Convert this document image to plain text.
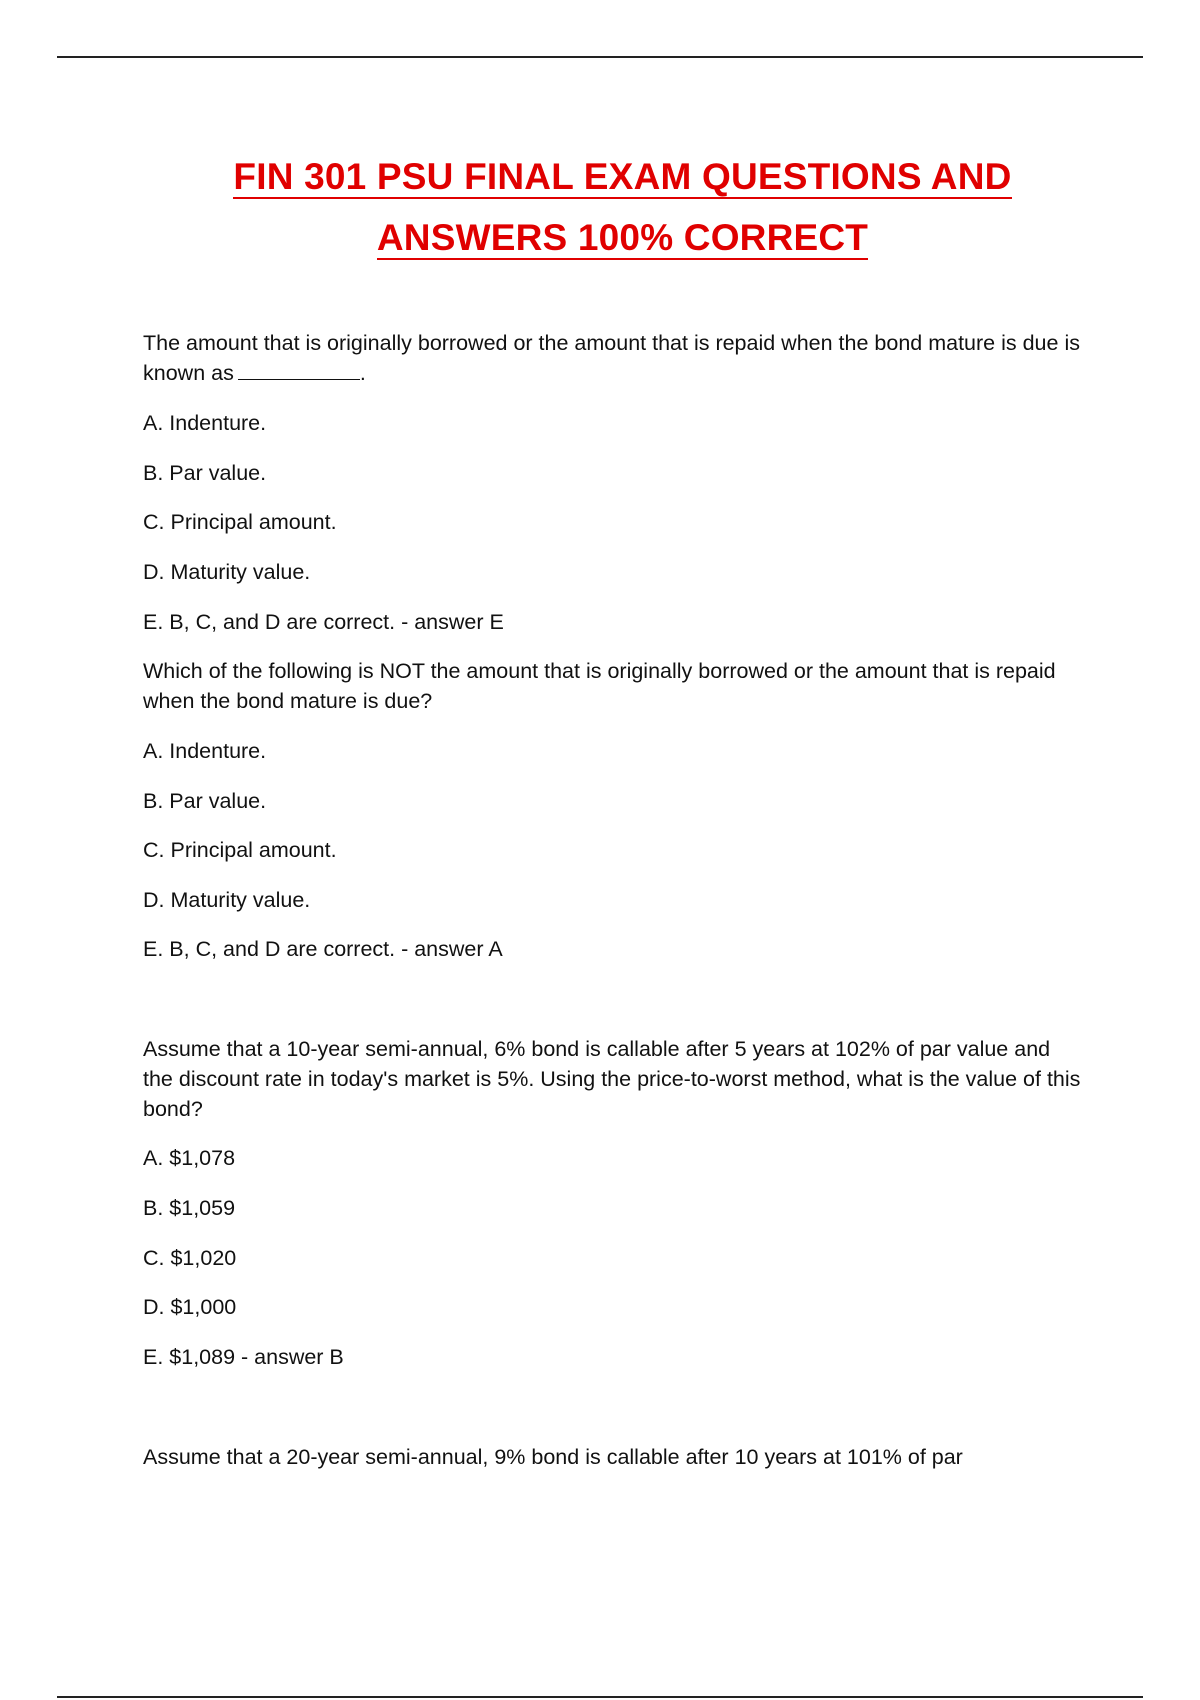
FIN 301 PSU FINAL EXAM QUESTIONS AND
ANSWERS 100% CORRECT
The amount that is originally borrowed or the amount that is repaid when the bond mature is due is known as	.
A. Indenture.
B. Par value.
C. Principal amount.
D. Maturity value.
E. B, C, and D are correct. - answer E
Which of the following is NOT the amount that is originally borrowed or the amount that is repaid when the bond mature is due?
A. Indenture.
B. Par value.
C. Principal amount.
D. Maturity value.
E. B, C, and D are correct. - answer A
Assume that a 10-year semi-annual, 6% bond is callable after 5 years at 102% of par value and the discount rate in today's market is 5%. Using the price-to-worst method, what is the value of this bond?
A. $1,078
B. $1,059
C. $1,020
D. $1,000
E. $1,089 - answer B
Assume that a 20-year semi-annual, 9% bond is callable after 10 years at 101% of par
